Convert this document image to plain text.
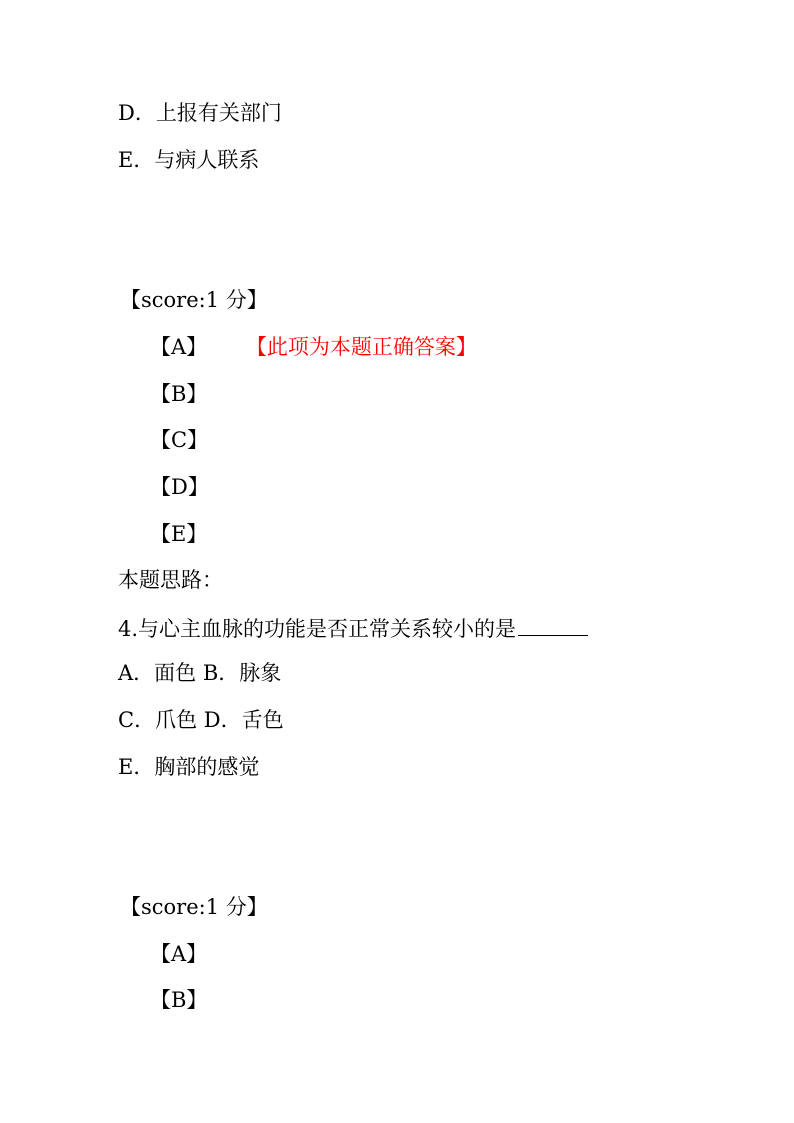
D．上报有关部门
E．与病人联系
【score:1 分】
【A】 【此项为本题正确答案】
【B】
【C】
【D】
【E】
本题思路：
4.与心主血脉的功能是否正常关系较小的是
A．面色 B．脉象
C．爪色 D．舌色
E．胸部的感觉
【score:1 分】
【A】
【B】
